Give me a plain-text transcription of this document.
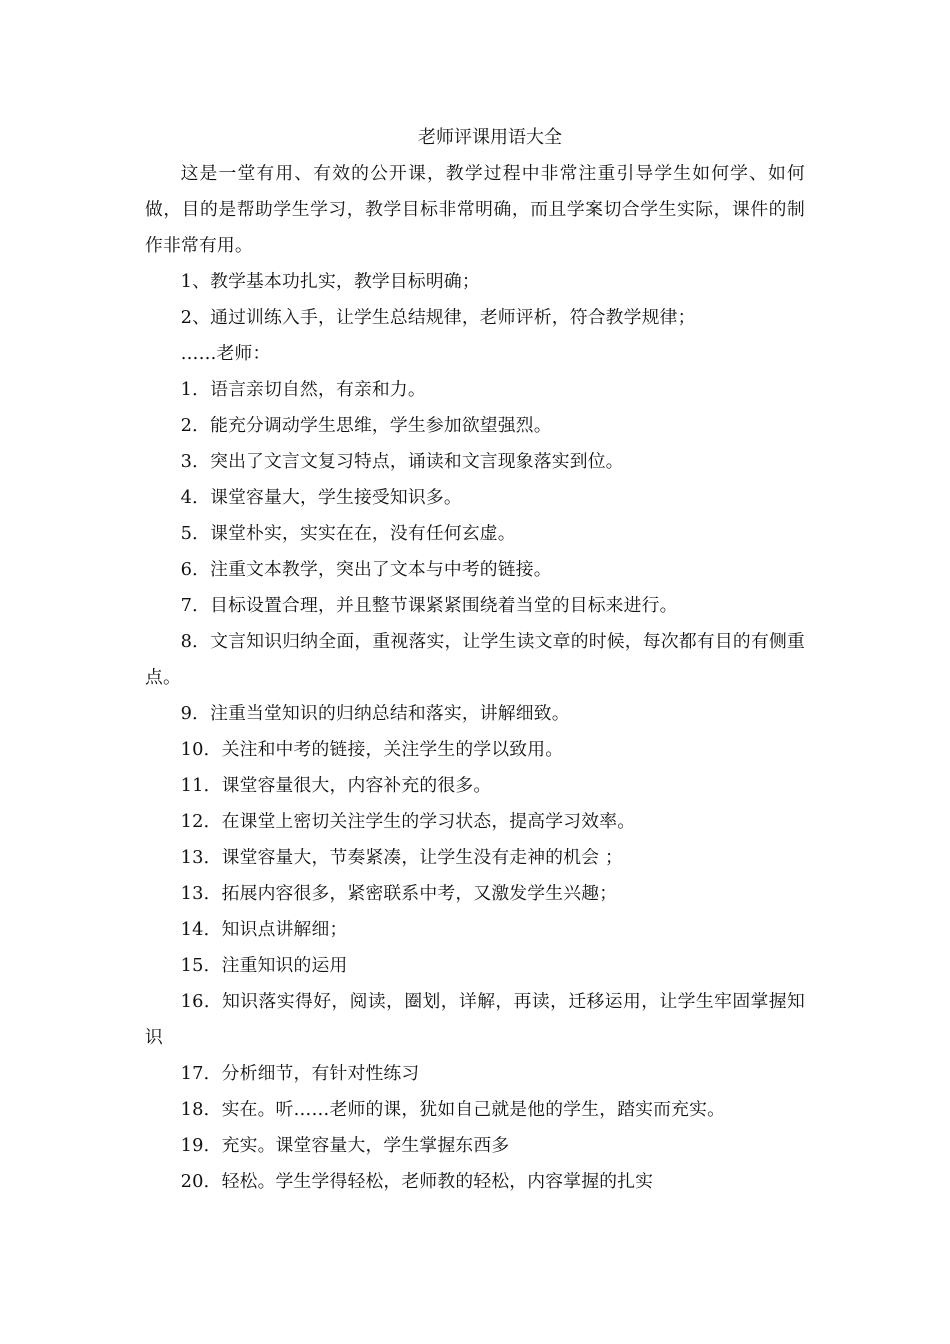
老师评课用语大全

这是一堂有用、有效的公开课，教学过程中非常注重引导学生如何学、如何做，目的是帮助学生学习，教学目标非常明确，而且学案切合学生实际，课件的制作非常有用。

1、教学基本功扎实，教学目标明确；

2、通过训练入手，让学生总结规律，老师评析，符合教学规律；

……老师：

1．语言亲切自然，有亲和力。

2．能充分调动学生思维，学生参加欲望强烈。

3．突出了文言文复习特点，诵读和文言现象落实到位。

4．课堂容量大，学生接受知识多。

5．课堂朴实，实实在在，没有任何玄虚。

6．注重文本教学，突出了文本与中考的链接。

7．目标设置合理，并且整节课紧紧围绕着当堂的目标来进行。

8．文言知识归纳全面，重视落实，让学生读文章的时候，每次都有目的有侧重点。

9．注重当堂知识的归纳总结和落实，讲解细致。

10．关注和中考的链接，关注学生的学以致用。

11．课堂容量很大，内容补充的很多。

12．在课堂上密切关注学生的学习状态，提高学习效率。

13．课堂容量大，节奏紧凑，让学生没有走神的机会 ；

13．拓展内容很多，紧密联系中考，又激发学生兴趣；

14．知识点讲解细；

15．注重知识的运用

16．知识落实得好，阅读，圈划，详解，再读，迁移运用，让学生牢固掌握知识

17．分析细节，有针对性练习

18．实在。听……老师的课，犹如自己就是他的学生，踏实而充实。

19．充实。课堂容量大，学生掌握东西多

20．轻松。学生学得轻松，老师教的轻松，内容掌握的扎实
